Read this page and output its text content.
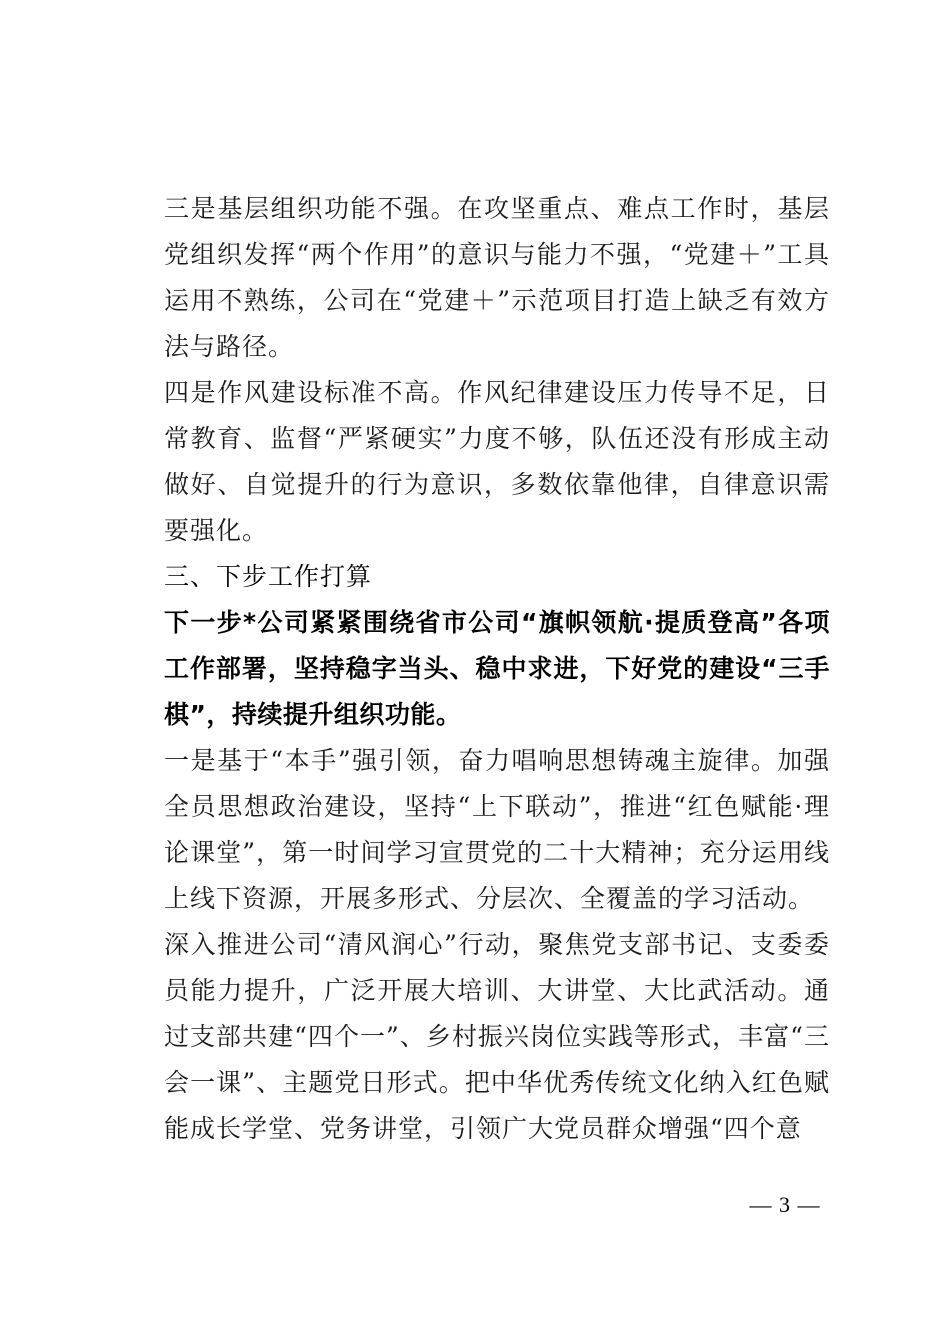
三是基层组织功能不强。在攻坚重点、难点工作时，基层党组织发挥“两个作用”的意识与能力不强，“党建＋”工具运用不熟练，公司在“党建＋”示范项目打造上缺乏有效方法与路径。

四是作风建设标准不高。作风纪律建设压力传导不足，日常教育、监督“严紧硬实”力度不够，队伍还没有形成主动做好、自觉提升的行为意识，多数依靠他律，自律意识需要强化。

三、下步工作打算

下一步*公司紧紧围绕省市公司“旗帜领航·提质登高”各项工作部署，坚持稳字当头、稳中求进，下好党的建设“三手棋”，持续提升组织功能。

一是基于“本手”强引领，奋力唱响思想铸魂主旋律。加强全员思想政治建设，坚持“上下联动”，推进“红色赋能·理论课堂”，第一时间学习宣贯党的二十大精神；充分运用线上线下资源，开展多形式、分层次、全覆盖的学习活动。

深入推进公司“清风润心”行动，聚焦党支部书记、支委委员能力提升，广泛开展大培训、大讲堂、大比武活动。通过支部共建“四个一”、乡村振兴岗位实践等形式，丰富“三会一课”、主题党日形式。把中华优秀传统文化纳入红色赋能成长学堂、党务讲堂，引领广大党员群众增强“四个意

— 3 —
